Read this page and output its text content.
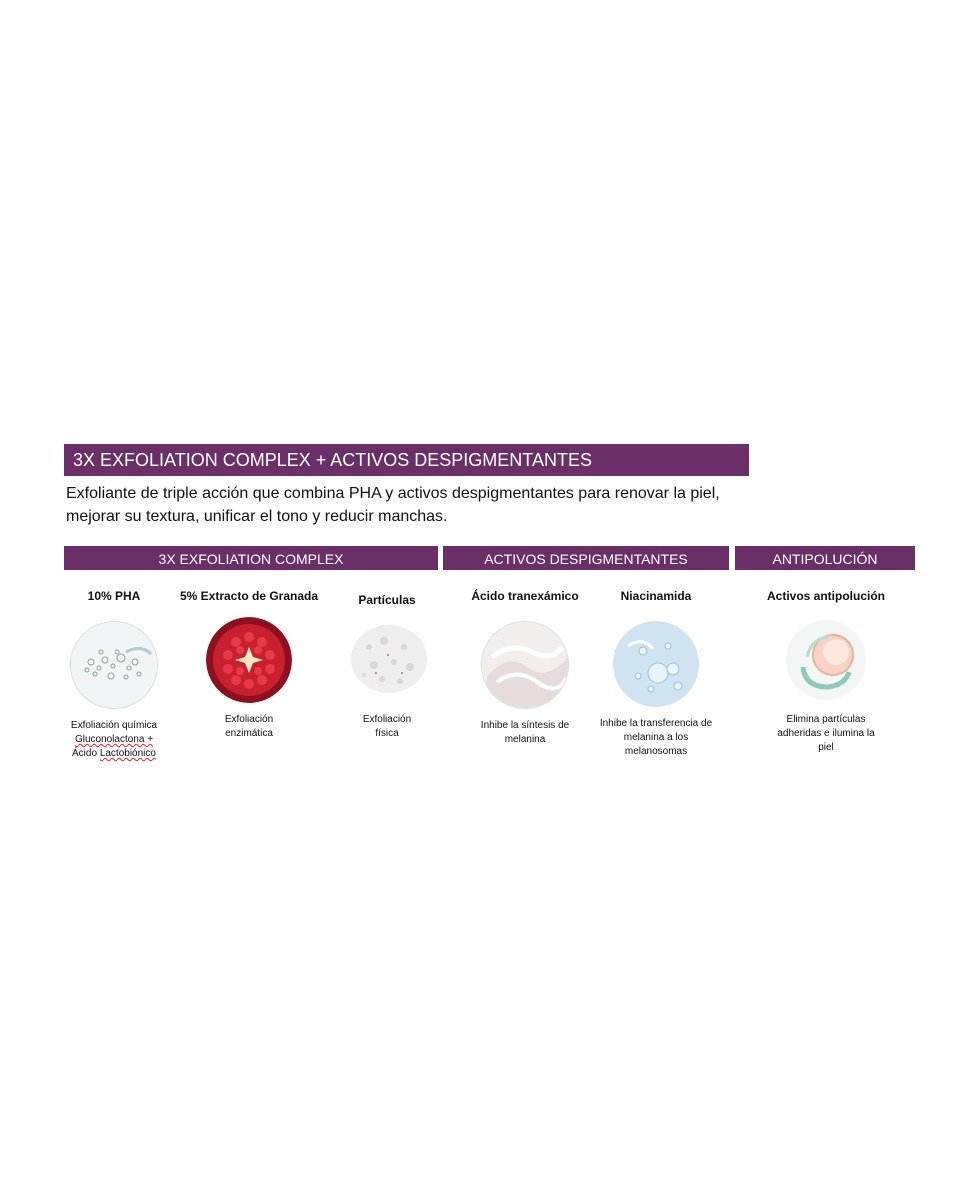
3X EXFOLIATION COMPLEX + ACTIVOS DESPIGMENTANTES
Exfoliante de triple acción que combina PHA y activos despigmentantes para renovar la piel,
mejorar su textura, unificar el tono y reducir manchas.
3X EXFOLIATION COMPLEX	ACTIVOS DESPIGMENTANTES	ANTIPOLUCIÓN
10% PHA
Exfoliación química
Gluconolactona +
Ácido Lactobiónico
5% Extracto de Granada
Exfoliación
enzimática
Partículas
Exfoliación
física
Ácido tranexámico
Inhibe la síntesis de
melanina
Niacinamida
Inhibe la transferencia de
melanina a los
melanosomas
Activos antipolución
Elimina partículas
adheridas e ilumina la
piel
